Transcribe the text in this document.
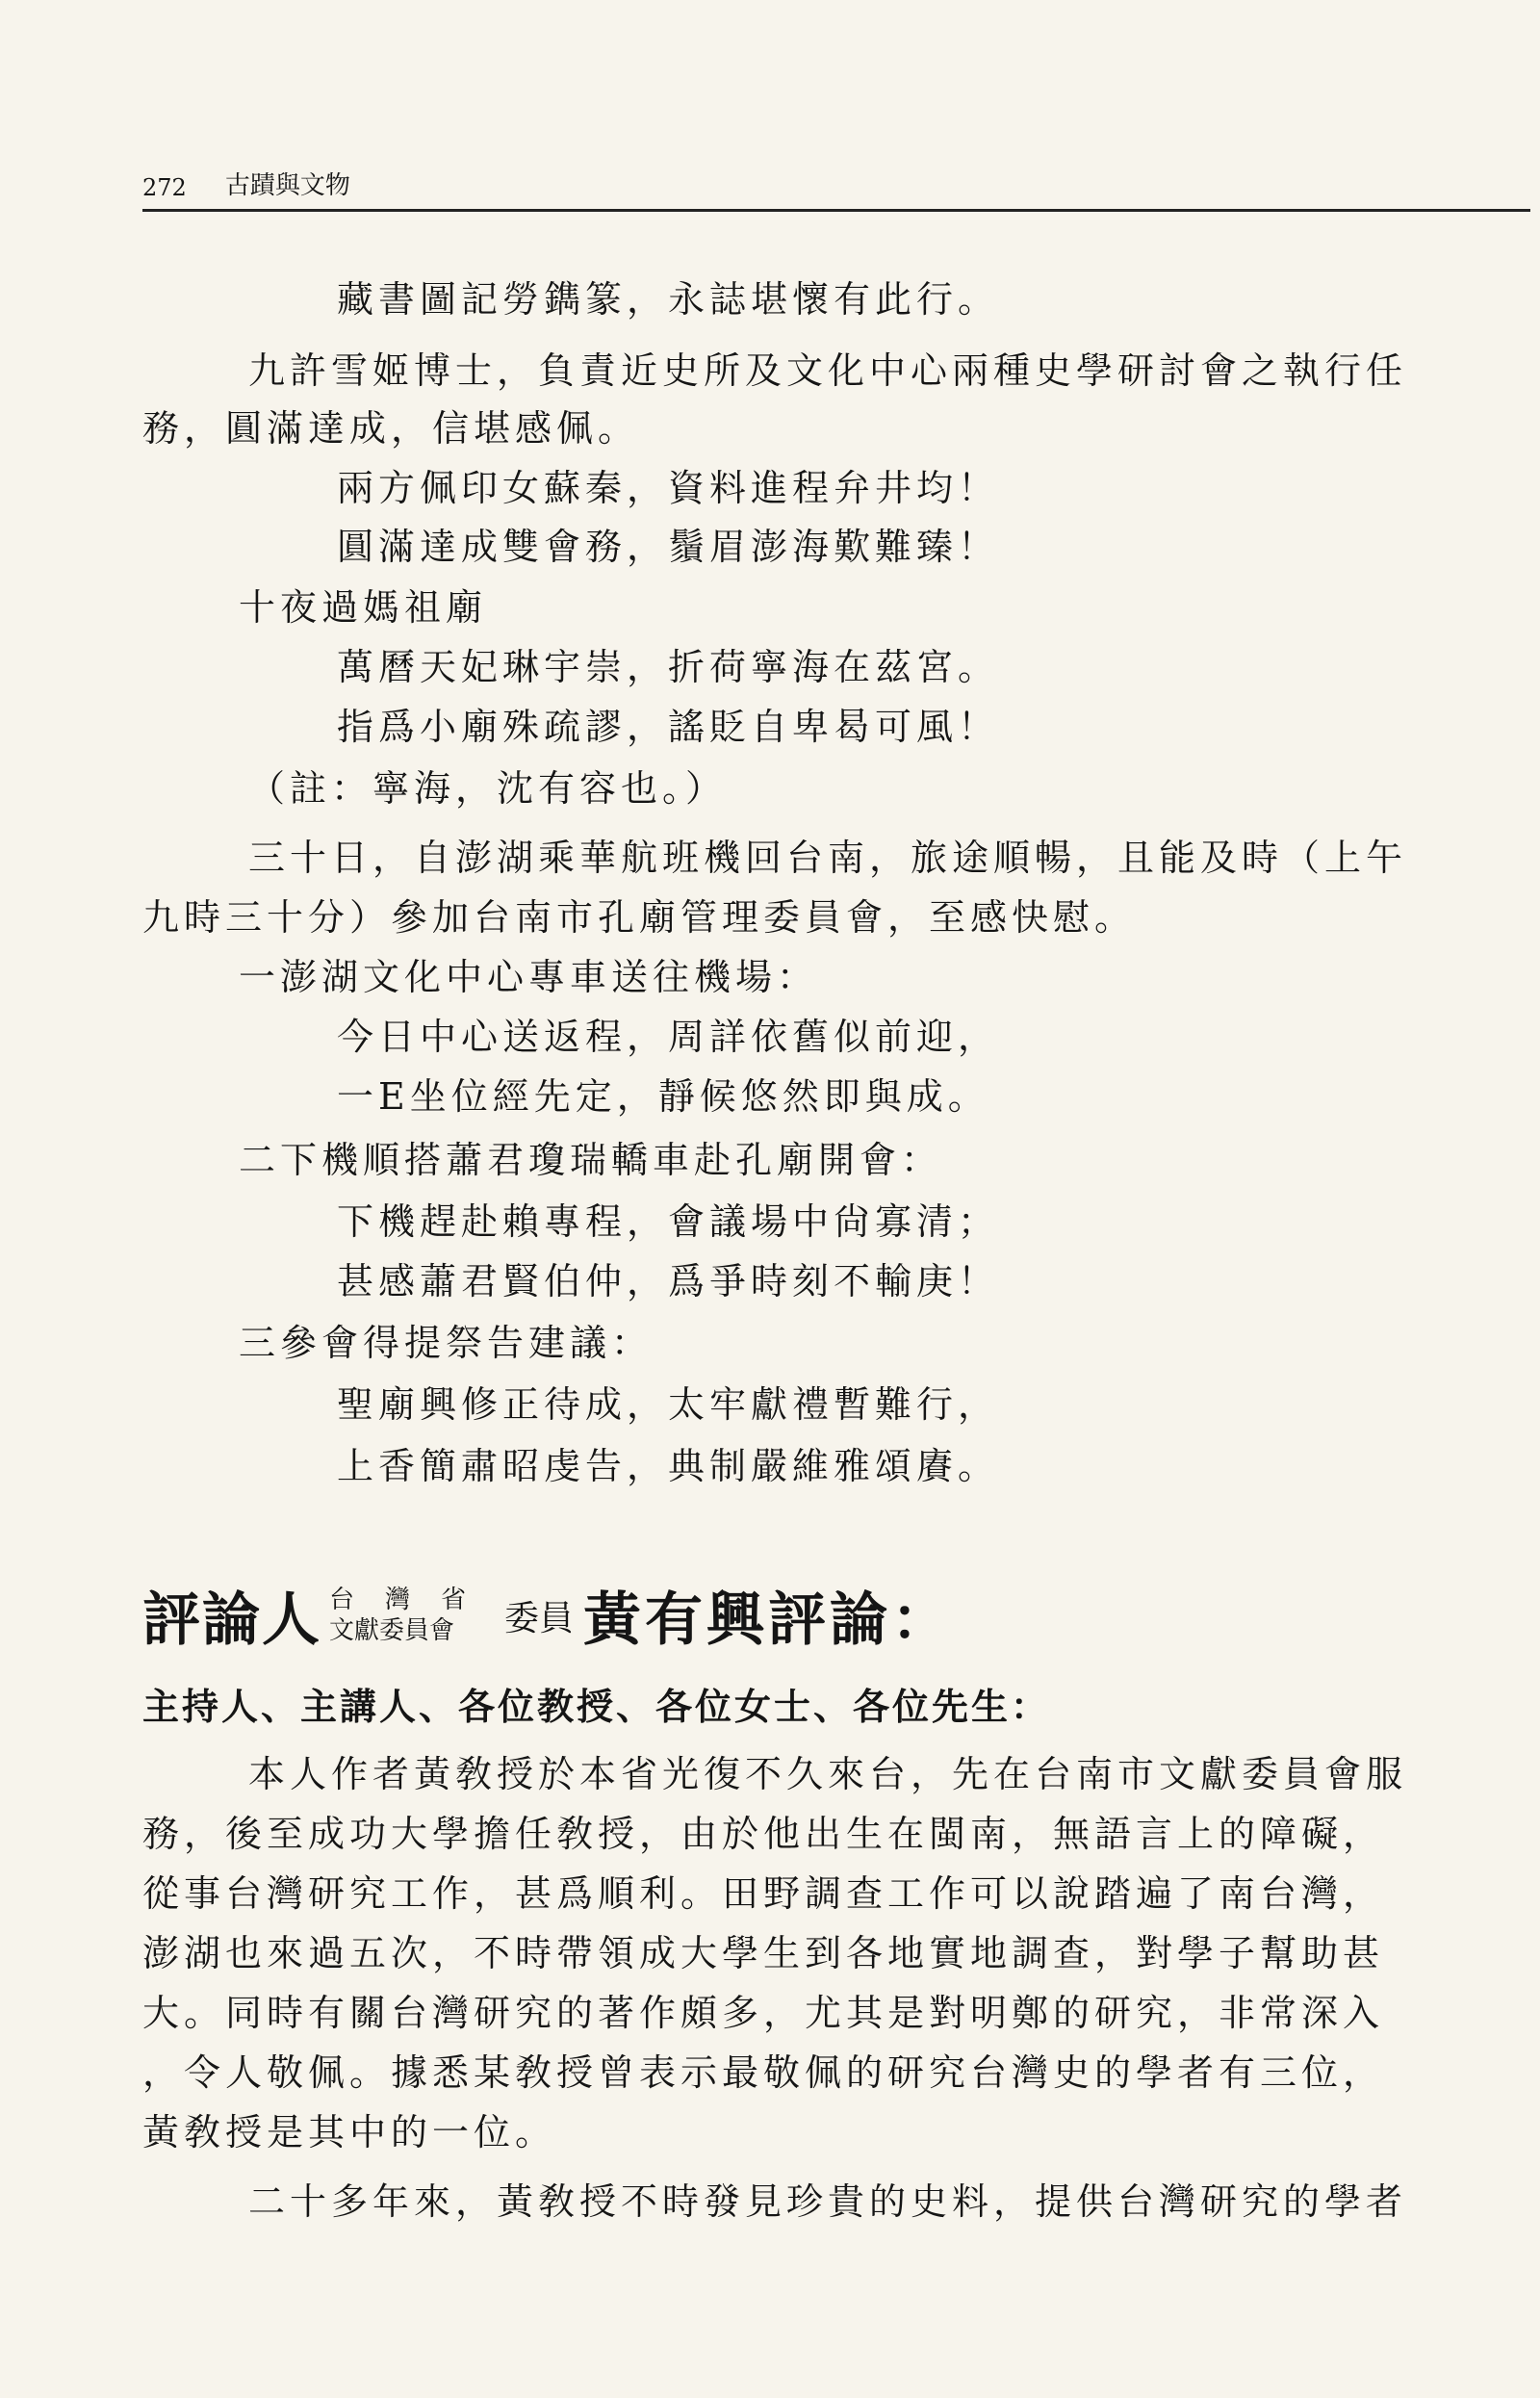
272 古蹟與文物
藏書圖記勞鐫篆，永誌堪懷有此行。
九許雪姬博士，負責近史所及文化中心兩種史學研討會之執行任
務，圓滿達成，信堪感佩。
兩方佩印女蘇秦，資料進程弁井均！
圓滿達成雙會務，鬚眉澎海歎難臻！
十夜過媽祖廟
萬曆天妃琳宇崇，折荷寧海在茲宮。
指爲小廟殊疏謬，謠貶自卑曷可風！
（註：寧海，沈有容也。）
三十日，自澎湖乘華航班機回台南，旅途順暢，且能及時（上午
九時三十分）參加台南市孔廟管理委員會，至感快慰。
一澎湖文化中心專車送往機場：
今日中心送返程，周詳依舊似前迎，
一E坐位經先定，靜候悠然即與成。
二下機順搭蕭君瓊瑞轎車赴孔廟開會：
下機趕赴賴專程，會議場中尙寡清；
甚感蕭君賢伯仲，爲爭時刻不輸庚！
三參會得提祭告建議：
聖廟興修正待成，太牢獻禮暫難行，
上香簡肅昭虔告，典制嚴維雅頌賡。
評論人 台灣省
文獻委員會	委員 黃有興評論：
主持人、主講人、各位教授、各位女士、各位先生：
本人作者黃敎授於本省光復不久來台，先在台南市文獻委員會服
務，後至成功大學擔任敎授，由於他出生在閩南，無語言上的障礙，
從事台灣研究工作，甚爲順利。田野調查工作可以說踏遍了南台灣，
澎湖也來過五次，不時帶領成大學生到各地實地調查，對學子幫助甚
大。同時有關台灣研究的著作頗多，尤其是對明鄭的研究，非常深入
，令人敬佩。據悉某敎授曾表示最敬佩的研究台灣史的學者有三位，
黃敎授是其中的一位。
二十多年來，黃敎授不時發見珍貴的史料，提供台灣研究的學者
